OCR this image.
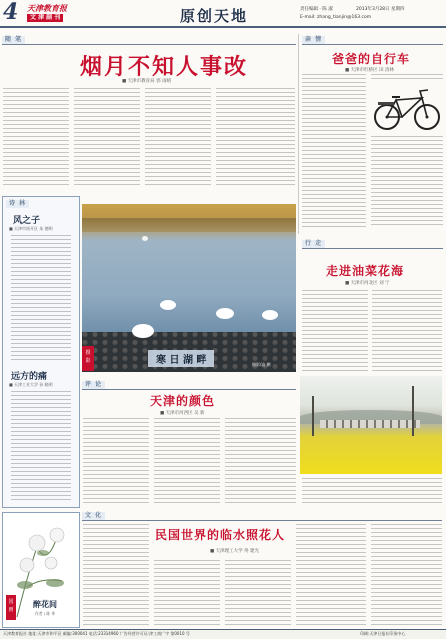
4 天津教育报
文 津 副 刊	原创天地	责任编辑 · 陈 淑	2013年3月28日 星期四
E-mail: zhang_tianjin@163.com
随 笔
烟月不知人事改
■ 天津市教育局 郭 雨晴
亲 情
爸爸的自行车
■ 天津市红桥区 田 清林
诗 林
风之子
■ 天津市南开区 朱 德明
远方的痛
■ 天津工业大学 孙 晓明
寒 日 湖 畔	摄影/高 鹏
摄
影
行 走
走进油菜花海
■ 天津市河北区 刘 宁
评 论
天津的颜色
■ 天津市河西区 吴 新
国
画
醉花间
作者 / 陈 华
文 化
民国世界的临水照花人
■ 天津理工大学 佟 建光
天津教育报社 地址:天津市和平区 邮编:300041 电话:23314960 广告经营许可证:津工商广字 第0010 号	印刷:天津日报社印务中心
